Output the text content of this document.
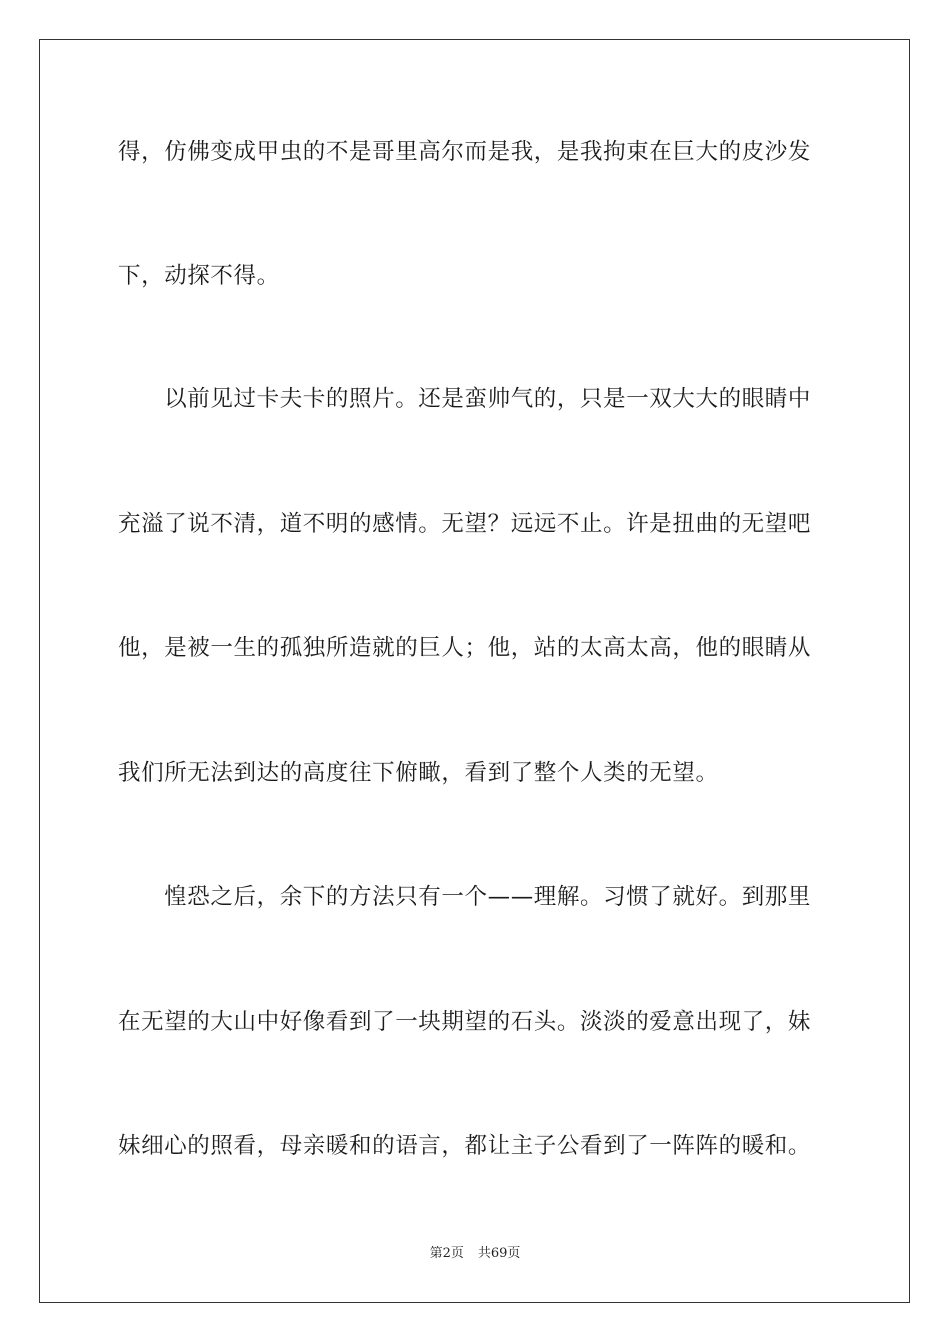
得，仿佛变成甲虫的不是哥里高尔而是我，是我拘束在巨大的皮沙发
下，动探不得。
　　以前见过卡夫卡的照片。还是蛮帅气的，只是一双大大的眼睛中
充溢了说不清，道不明的感情。无望？远远不止。许是扭曲的无望吧
他，是被一生的孤独所造就的巨人；他，站的太高太高，他的眼睛从
我们所无法到达的高度往下俯瞰，看到了整个人类的无望。
　　惶恐之后，余下的方法只有一个——理解。习惯了就好。到那里
在无望的大山中好像看到了一块期望的石头。淡淡的爱意出现了，妹
妹细心的照看，母亲暖和的语言，都让主子公看到了一阵阵的暖和。
第2页 共69页
